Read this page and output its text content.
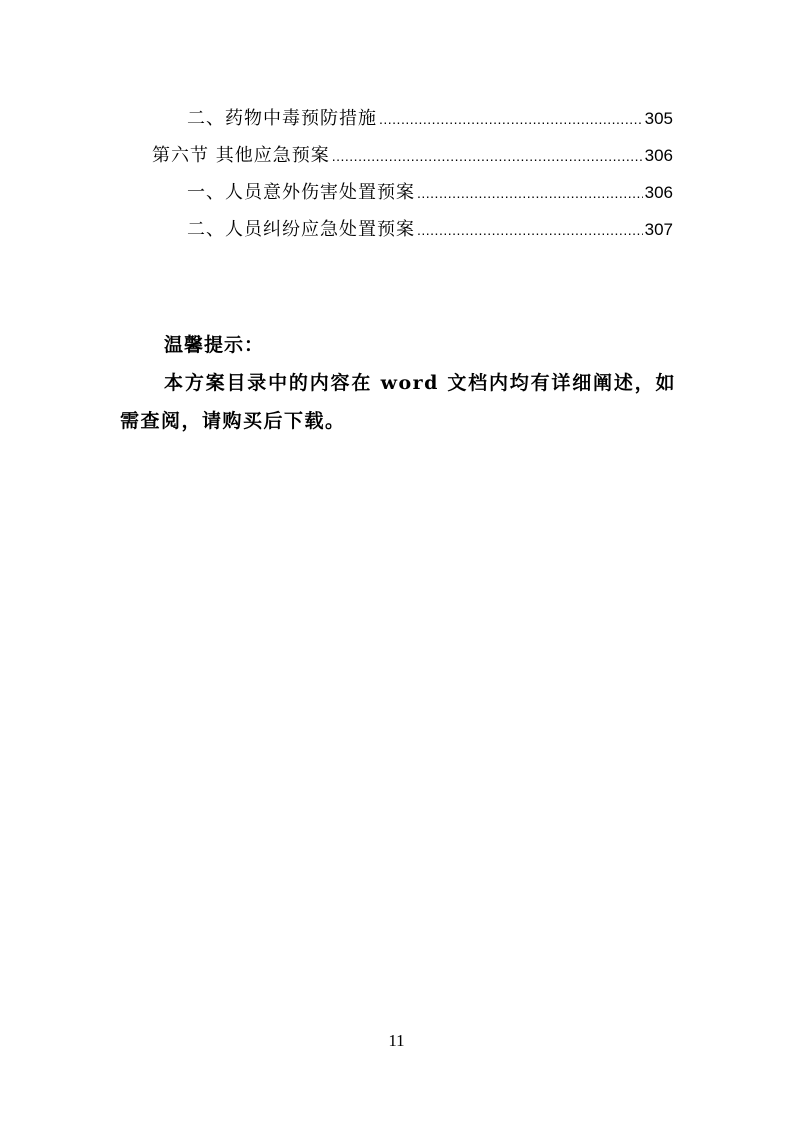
二、药物中毒预防措施 .....	305
第六节 其他应急预案 .....	306
一、人员意外伤害处置预案 .....	306
二、人员纠纷应急处置预案 .....	307
温馨提示：

本方案目录中的内容在 word 文档内均有详细阐述，如需查阅，请购买后下载。

11
